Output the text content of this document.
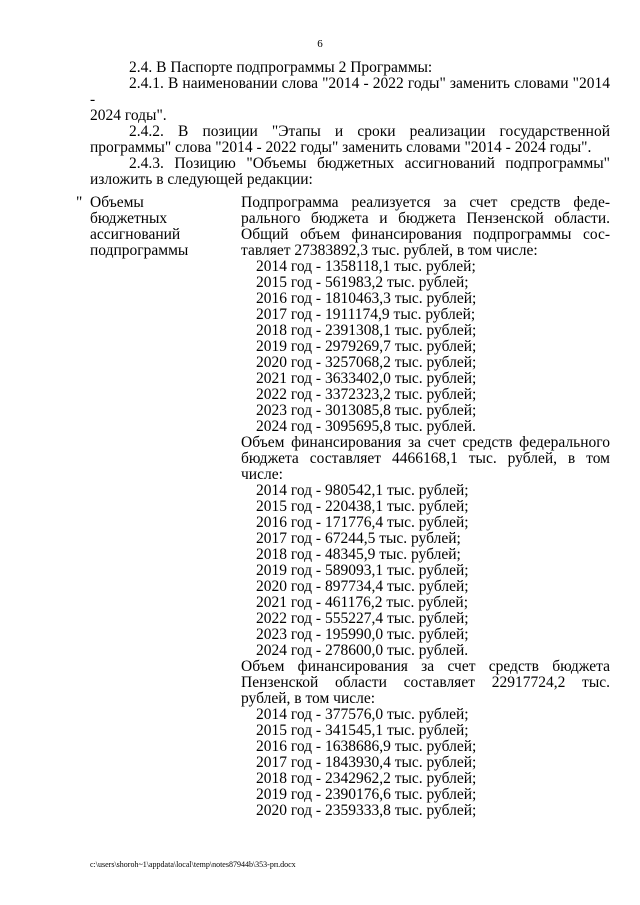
6

2.4. В Паспорте подпрограммы 2 Программы:

2.4.1. В наименовании слова "2014 - 2022 годы" заменить словами "2014 -

2024 годы".

2.4.2. В позиции "Этапы и сроки реализации государственной

программы" слова "2014 - 2022 годы" заменить словами "2014 - 2024 годы".

2.4.3. Позицию "Объемы бюджетных ассигнований подпрограммы"

изложить в следующей редакции:

" Объемы
бюджетных
ассигнований
подпрограммы
Подпрограмма реализуется за счет средств феде-
рального бюджета и бюджета Пензенской области.
Общий объем финансирования подпрограммы сос-
тавляет 27383892,3 тыс. рублей, в том числе:
2014 год - 1358118,1 тыс. рублей;
2015 год - 561983,2 тыс. рублей;
2016 год - 1810463,3 тыс. рублей;
2017 год - 1911174,9 тыс. рублей;
2018 год - 2391308,1 тыс. рублей;
2019 год - 2979269,7 тыс. рублей;
2020 год - 3257068,2 тыс. рублей;
2021 год - 3633402,0 тыс. рублей;
2022 год - 3372323,2 тыс. рублей;
2023 год - 3013085,8 тыс. рублей;
2024 год - 3095695,8 тыс. рублей.
Объем финансирования за счет средств федерального
бюджета составляет 4466168,1 тыс. рублей, в том
числе:
2014 год - 980542,1 тыс. рублей;
2015 год - 220438,1 тыс. рублей;
2016 год - 171776,4 тыс. рублей;
2017 год - 67244,5 тыс. рублей;
2018 год - 48345,9 тыс. рублей;
2019 год - 589093,1 тыс. рублей;
2020 год - 897734,4 тыс. рублей;
2021 год - 461176,2 тыс. рублей;
2022 год - 555227,4 тыс. рублей;
2023 год - 195990,0 тыс. рублей;
2024 год - 278600,0 тыс. рублей.
Объем финансирования за счет средств бюджета
Пензенской области составляет 22917724,2 тыс.
рублей, в том числе:
2014 год - 377576,0 тыс. рублей;
2015 год - 341545,1 тыс. рублей;
2016 год - 1638686,9 тыс. рублей;
2017 год - 1843930,4 тыс. рублей;
2018 год - 2342962,2 тыс. рублей;
2019 год - 2390176,6 тыс. рублей;
2020 год - 2359333,8 тыс. рублей;
c:\users\shoroh~1\appdata\local\temp\notes87944b\353-рп.docx
